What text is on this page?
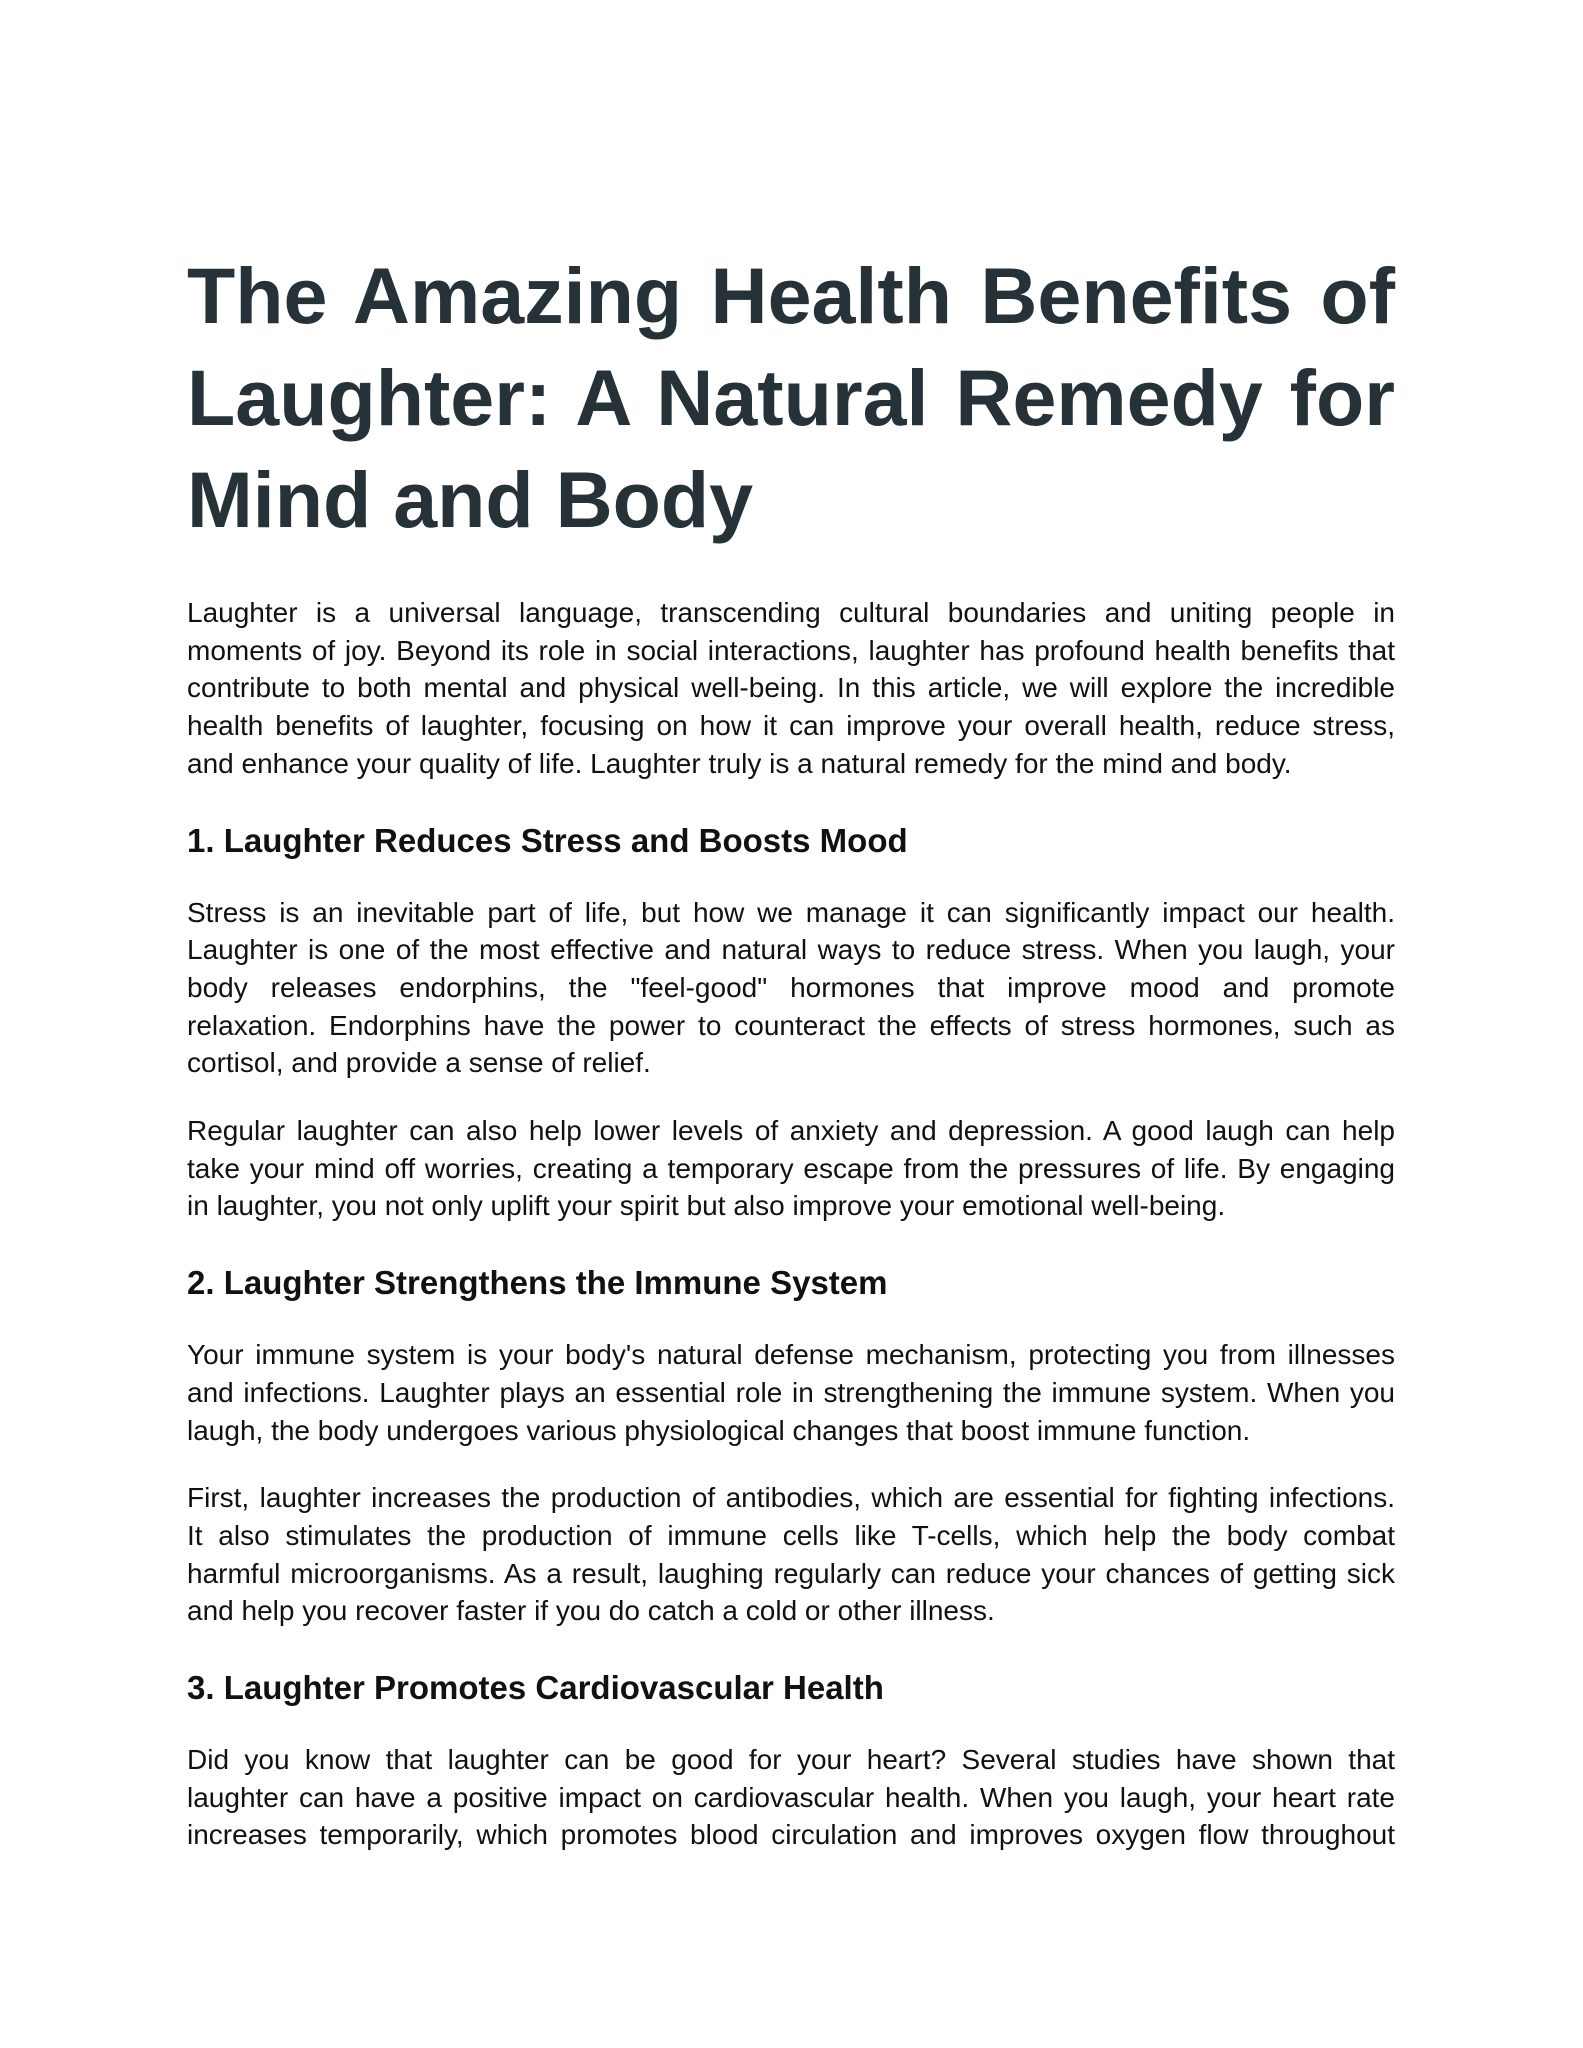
The Amazing Health Benefits of
Laughter: A Natural Remedy for
Mind and Body

Laughter is a universal language, transcending cultural boundaries and uniting people in
moments of joy. Beyond its role in social interactions, laughter has profound health benefits that
contribute to both mental and physical well-being. In this article, we will explore the incredible
health benefits of laughter, focusing on how it can improve your overall health, reduce stress,
and enhance your quality of life. Laughter truly is a natural remedy for the mind and body.

1. Laughter Reduces Stress and Boosts Mood

Stress is an inevitable part of life, but how we manage it can significantly impact our health.
Laughter is one of the most effective and natural ways to reduce stress. When you laugh, your
body releases endorphins, the "feel-good" hormones that improve mood and promote
relaxation. Endorphins have the power to counteract the effects of stress hormones, such as
cortisol, and provide a sense of relief.

Regular laughter can also help lower levels of anxiety and depression. A good laugh can help
take your mind off worries, creating a temporary escape from the pressures of life. By engaging
in laughter, you not only uplift your spirit but also improve your emotional well-being.

2. Laughter Strengthens the Immune System

Your immune system is your body's natural defense mechanism, protecting you from illnesses
and infections. Laughter plays an essential role in strengthening the immune system. When you
laugh, the body undergoes various physiological changes that boost immune function.

First, laughter increases the production of antibodies, which are essential for fighting infections.
It also stimulates the production of immune cells like T-cells, which help the body combat
harmful microorganisms. As a result, laughing regularly can reduce your chances of getting sick
and help you recover faster if you do catch a cold or other illness.

3. Laughter Promotes Cardiovascular Health

Did you know that laughter can be good for your heart? Several studies have shown that
laughter can have a positive impact on cardiovascular health. When you laugh, your heart rate
increases temporarily, which promotes blood circulation and improves oxygen flow throughout
